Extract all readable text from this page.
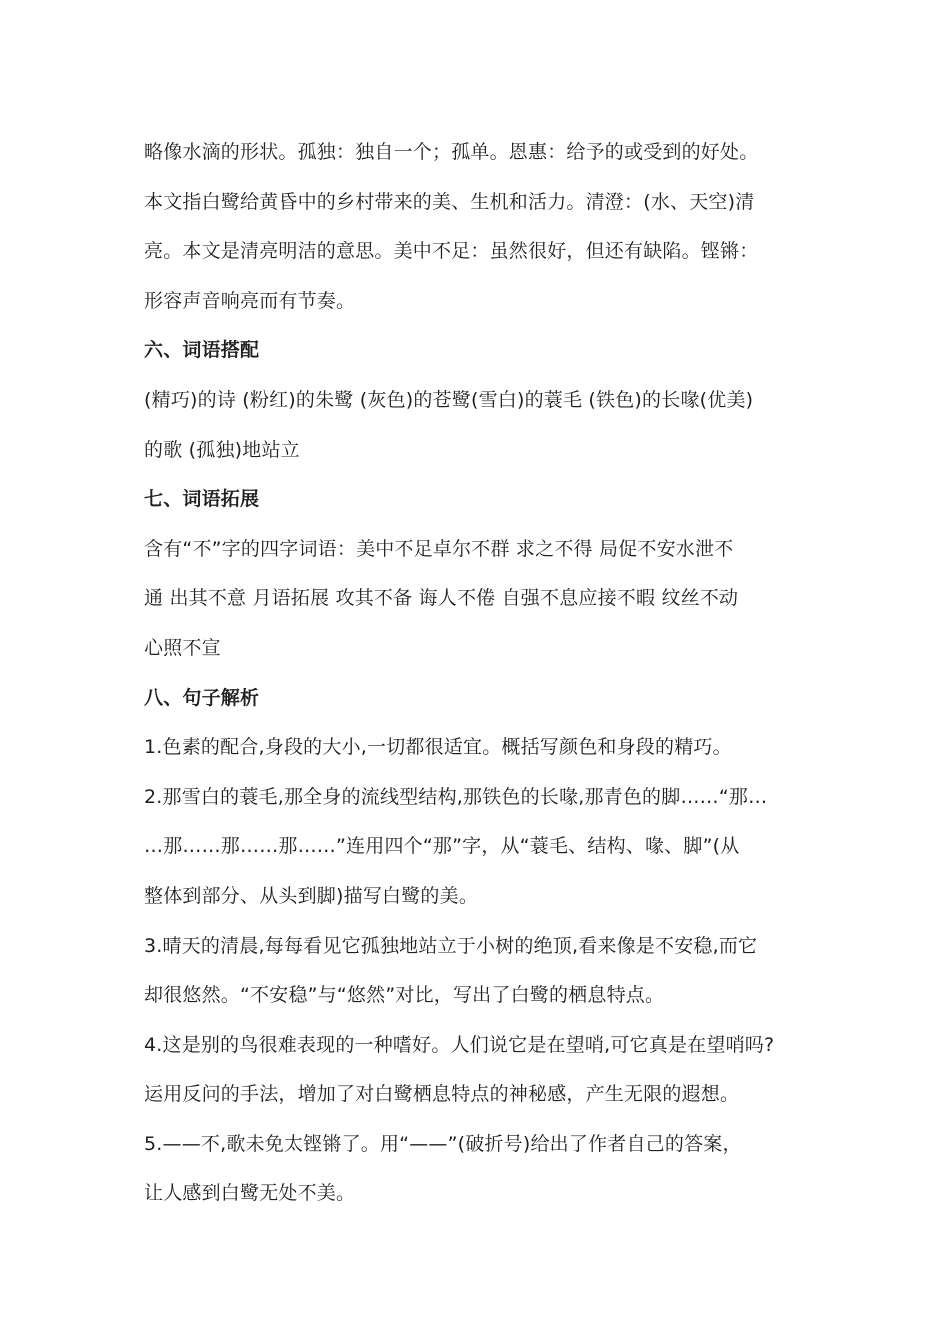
略像水滴的形状。孤独：独自一个；孤单。恩惠：给予的或受到的好处。
本文指白鹭给黄昏中的乡村带来的美、生机和活力。清澄：(水、天空)清
亮。本文是清亮明洁的意思。美中不足：虽然很好，但还有缺陷。铿锵：
形容声音响亮而有节奏。
六、词语搭配
(精巧)的诗 (粉红)的朱鹭 (灰色)的苍鹭(雪白)的蓑毛 (铁色)的长喙(优美)
的歌 (孤独)地站立
七、词语拓展
含有“不”字的四字词语：美中不足卓尔不群 求之不得 局促不安水泄不
通 出其不意 月语拓展 攻其不备 诲人不倦 自强不息应接不暇 纹丝不动
心照不宣
八、句子解析
1.色素的配合,身段的大小,一切都很适宜。概括写颜色和身段的精巧。
2.那雪白的蓑毛,那全身的流线型结构,那铁色的长喙,那青色的脚……“那…
…那……那……那……”连用四个“那”字，从“蓑毛、结构、喙、脚”(从
整体到部分、从头到脚)描写白鹭的美。
3.晴天的清晨,每每看见它孤独地站立于小树的绝顶,看来像是不安稳,而它
却很悠然。“不安稳”与“悠然”对比，写出了白鹭的栖息特点。
4.这是别的鸟很难表现的一种嗜好。人们说它是在望哨,可它真是在望哨吗?
运用反问的手法，增加了对白鹭栖息特点的神秘感，产生无限的遐想。
5.——不,歌未免太铿锵了。用“——”(破折号)给出了作者自己的答案，
让人感到白鹭无处不美。
